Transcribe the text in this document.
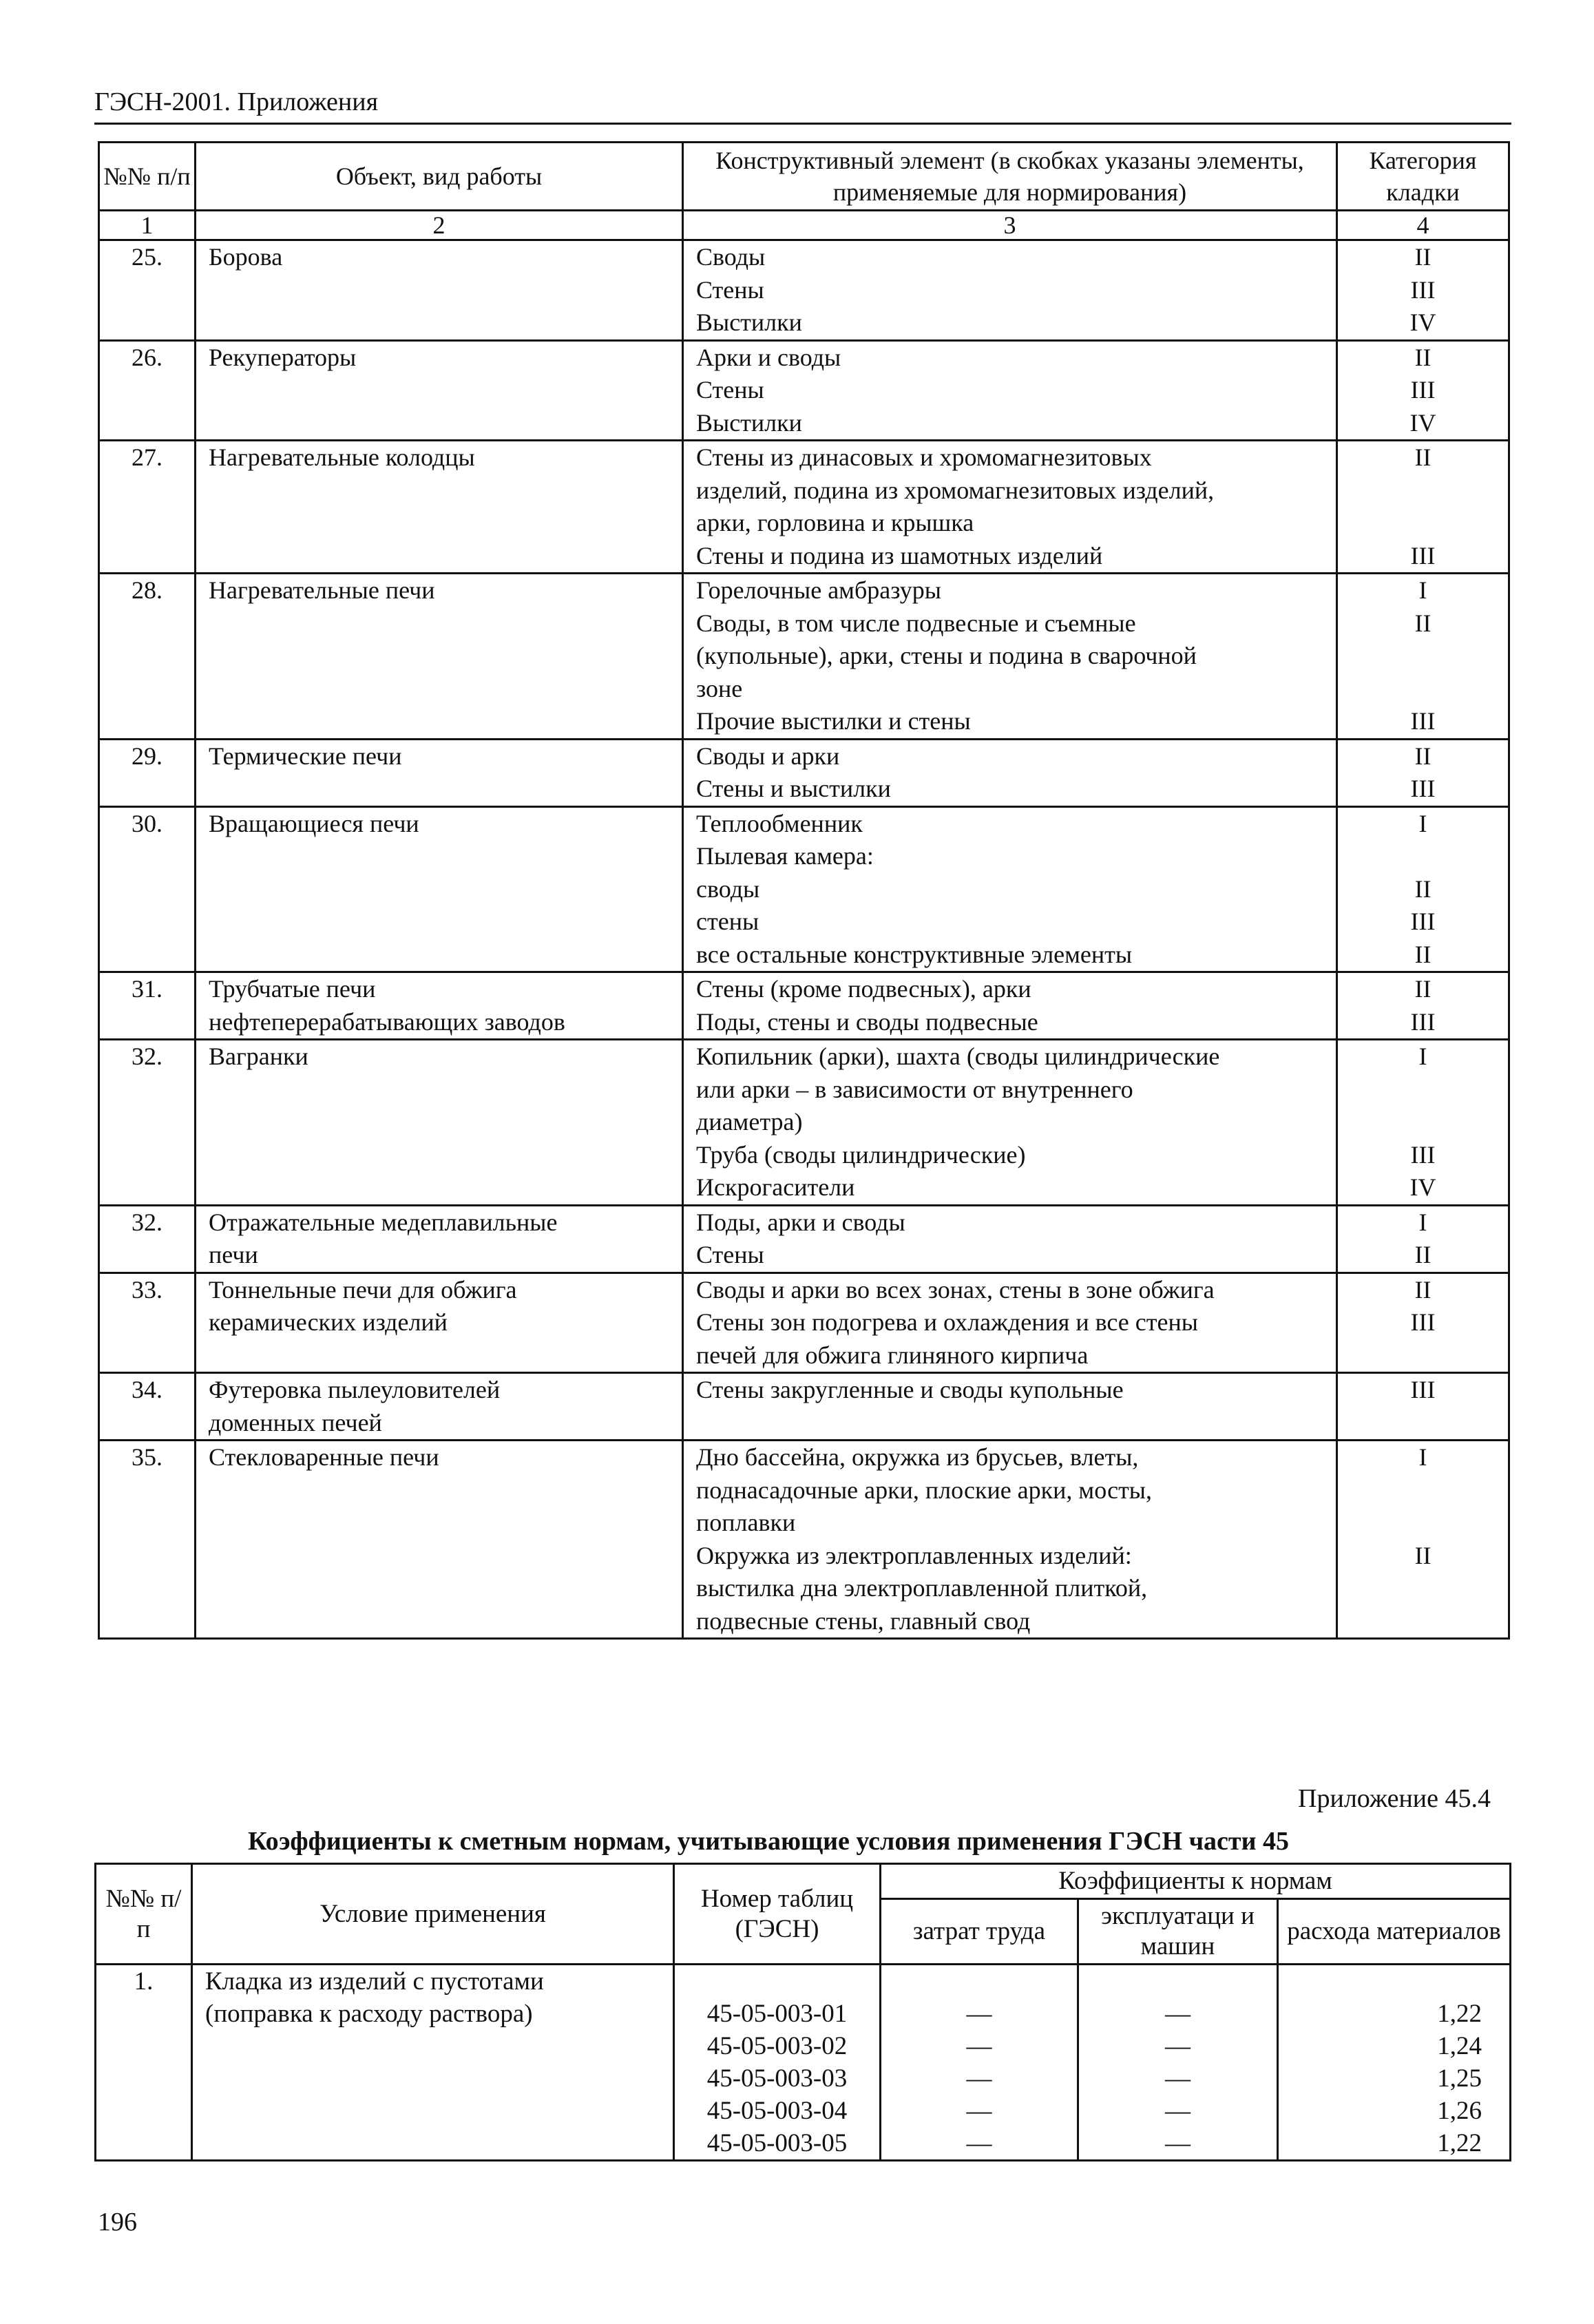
ГЭСН-2001. Приложения
№№ п/п	Объект, вид работы	Конструктивный элемент (в скобках указаны элементы, применяемые для нормирования)	Категория кладки
1	2	3	4
25.	Борова	Своды	II
		Стены	III
		Выстилки	IV
26.	Рекуператоры	Арки и своды	II
		Стены	III
		Выстилки	IV
27.	Нагревательные колодцы	Стены из динасовых и хромомагнезитовых	II
		изделий, подина из хромомагнезитовых изделий,	
		арки, горловина и крышка	
		Стены и подина из шамотных изделий	III
28.	Нагревательные печи	Горелочные амбразуры	I
		Своды, в том числе подвесные и съемные	II
		(купольные), арки, стены и подина в сварочной	
		зоне	
		Прочие выстилки и стены	III
29.	Термические печи	Своды и арки	II
		Стены и выстилки	III
30.	Вращающиеся печи	Теплообменник	I
		Пылевая камера:	
		своды	II
		стены	III
		все остальные конструктивные элементы	II
31.	Трубчатые печи	Стены (кроме подвесных), арки	II
	нефтеперерабатывающих заводов	Поды, стены и своды подвесные	III
32.	Вагранки	Копильник (арки), шахта (своды цилиндрические	I
		или арки – в зависимости от внутреннего	
		диаметра)	
		Труба (своды цилиндрические)	III
		Искрогасители	IV
32.	Отражательные медеплавильные	Поды, арки и своды	I
	печи	Стены	II
33.	Тоннельные печи для обжига	Своды и арки во всех зонах, стены в зоне обжига	II
	керамических изделий	Стены зон подогрева и охлаждения и все стены	III
		печей для обжига глиняного кирпича	
34.	Футеровка пылеуловителей	Стены закругленные и своды купольные	III
	доменных печей		
35.	Стекловаренные печи	Дно бассейна, окружка из брусьев, влеты,	I
		поднасадочные арки, плоские арки, мосты,	
		поплавки	
		Окружка из электроплавленных изделий:	II
		выстилка дна электроплавленной плиткой,	
		подвесные стены, главный свод	
Приложение 45.4
Коэффициенты к сметным нормам, учитывающие условия применения ГЭСН части 45
№№ п/п	Условие применения	Номер таблиц (ГЭСН)	Коэффициенты к нормам		
			затрат труда	эксплуатаци и машин	расхода материалов
1.	Кладка из изделий с пустотами				
	(поправка к расходу раствора)	45-05-003-01	—	—	1,22
		45-05-003-02	—	—	1,24
		45-05-003-03	—	—	1,25
		45-05-003-04	—	—	1,26
		45-05-003-05	—	—	1,22
196
